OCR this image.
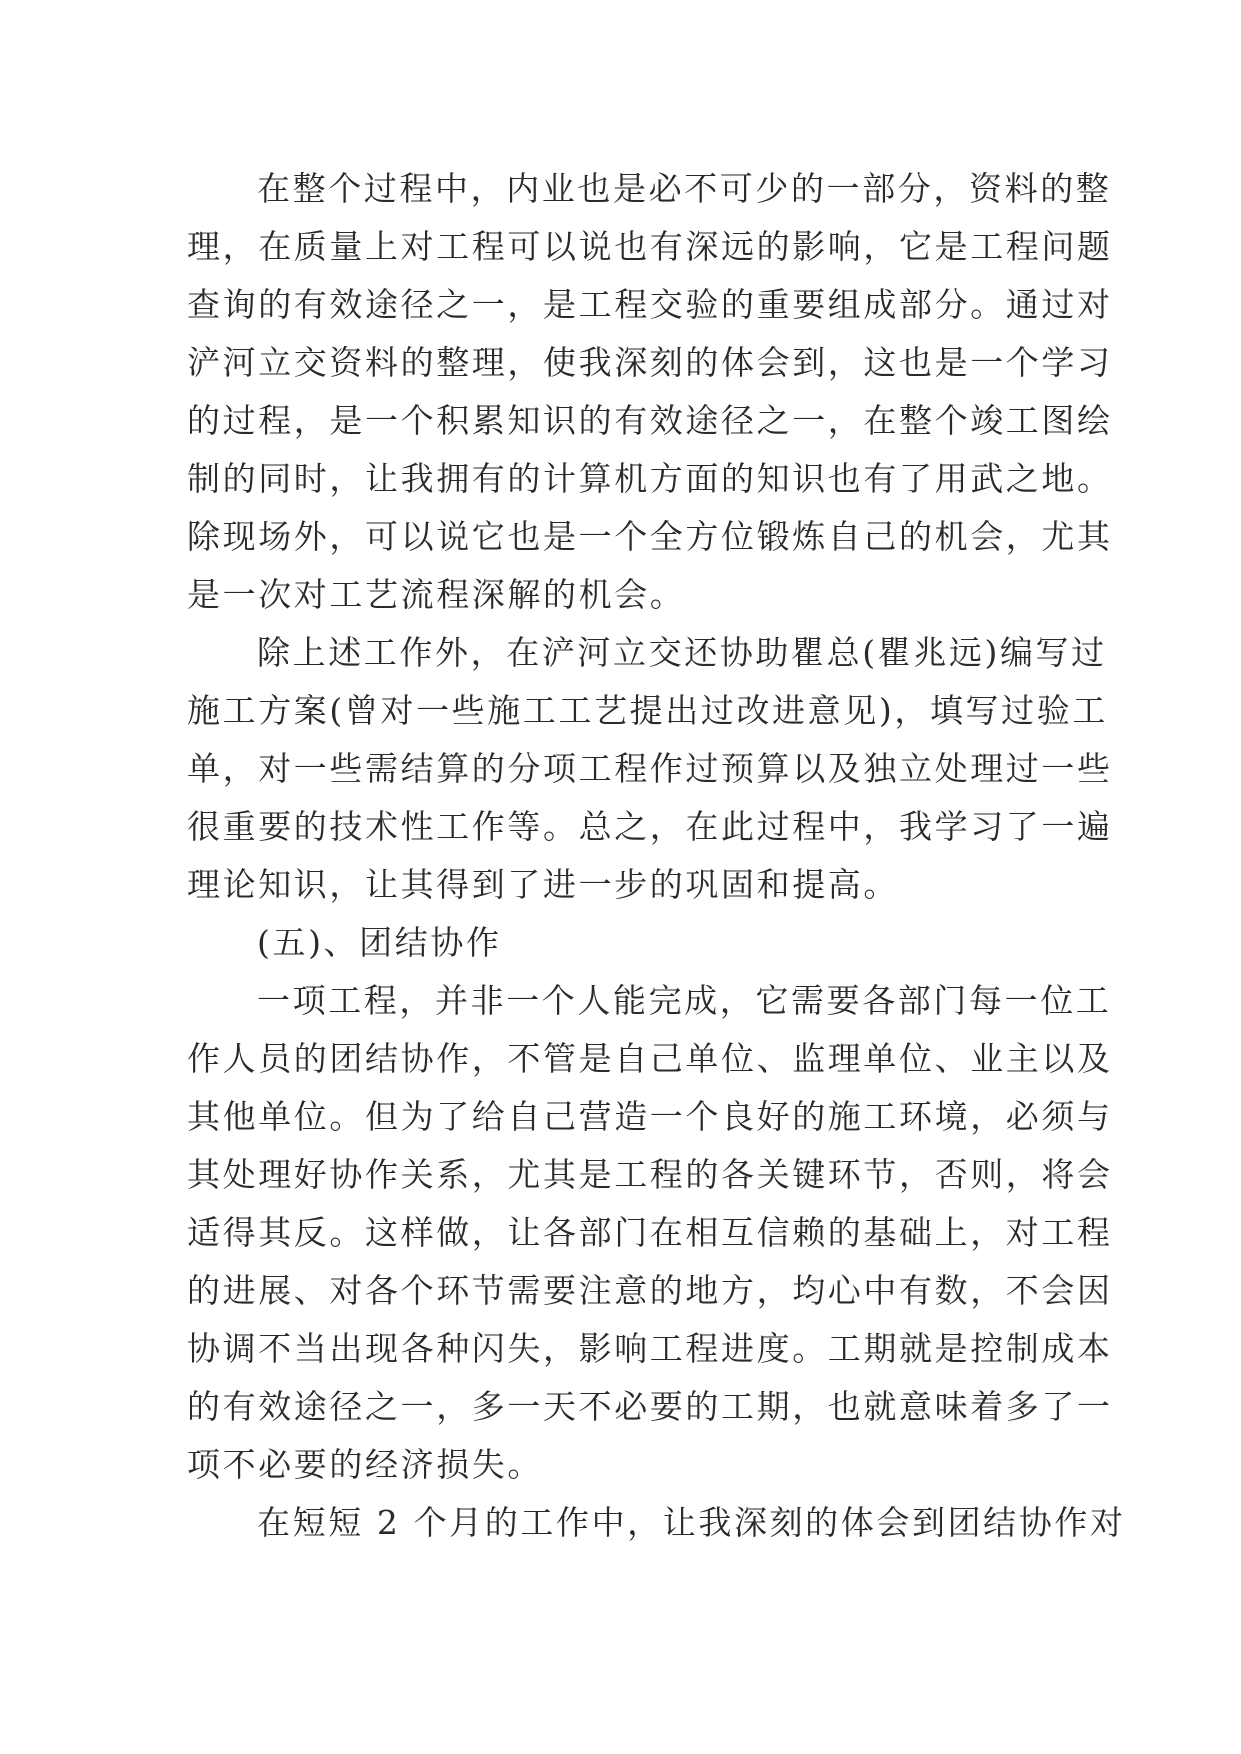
在整个过程中，内业也是必不可少的一部分，资料的整
理，在质量上对工程可以说也有深远的影响，它是工程问题
查询的有效途径之一，是工程交验的重要组成部分。通过对
浐河立交资料的整理，使我深刻的体会到，这也是一个学习
的过程，是一个积累知识的有效途径之一，在整个竣工图绘
制的同时，让我拥有的计算机方面的知识也有了用武之地。
除现场外，可以说它也是一个全方位锻炼自己的机会，尤其
是一次对工艺流程深解的机会。
除上述工作外，在浐河立交还协助瞿总(瞿兆远)编写过
施工方案(曾对一些施工工艺提出过改进意见)，填写过验工
单，对一些需结算的分项工程作过预算以及独立处理过一些
很重要的技术性工作等。总之，在此过程中，我学习了一遍
理论知识，让其得到了进一步的巩固和提高。
(五)、团结协作
一项工程，并非一个人能完成，它需要各部门每一位工
作人员的团结协作，不管是自己单位、监理单位、业主以及
其他单位。但为了给自己营造一个良好的施工环境，必须与
其处理好协作关系，尤其是工程的各关键环节，否则，将会
适得其反。这样做，让各部门在相互信赖的基础上，对工程
的进展、对各个环节需要注意的地方，均心中有数，不会因
协调不当出现各种闪失，影响工程进度。工期就是控制成本
的有效途径之一，多一天不必要的工期，也就意味着多了一
项不必要的经济损失。
在短短 2 个月的工作中，让我深刻的体会到团结协作对
